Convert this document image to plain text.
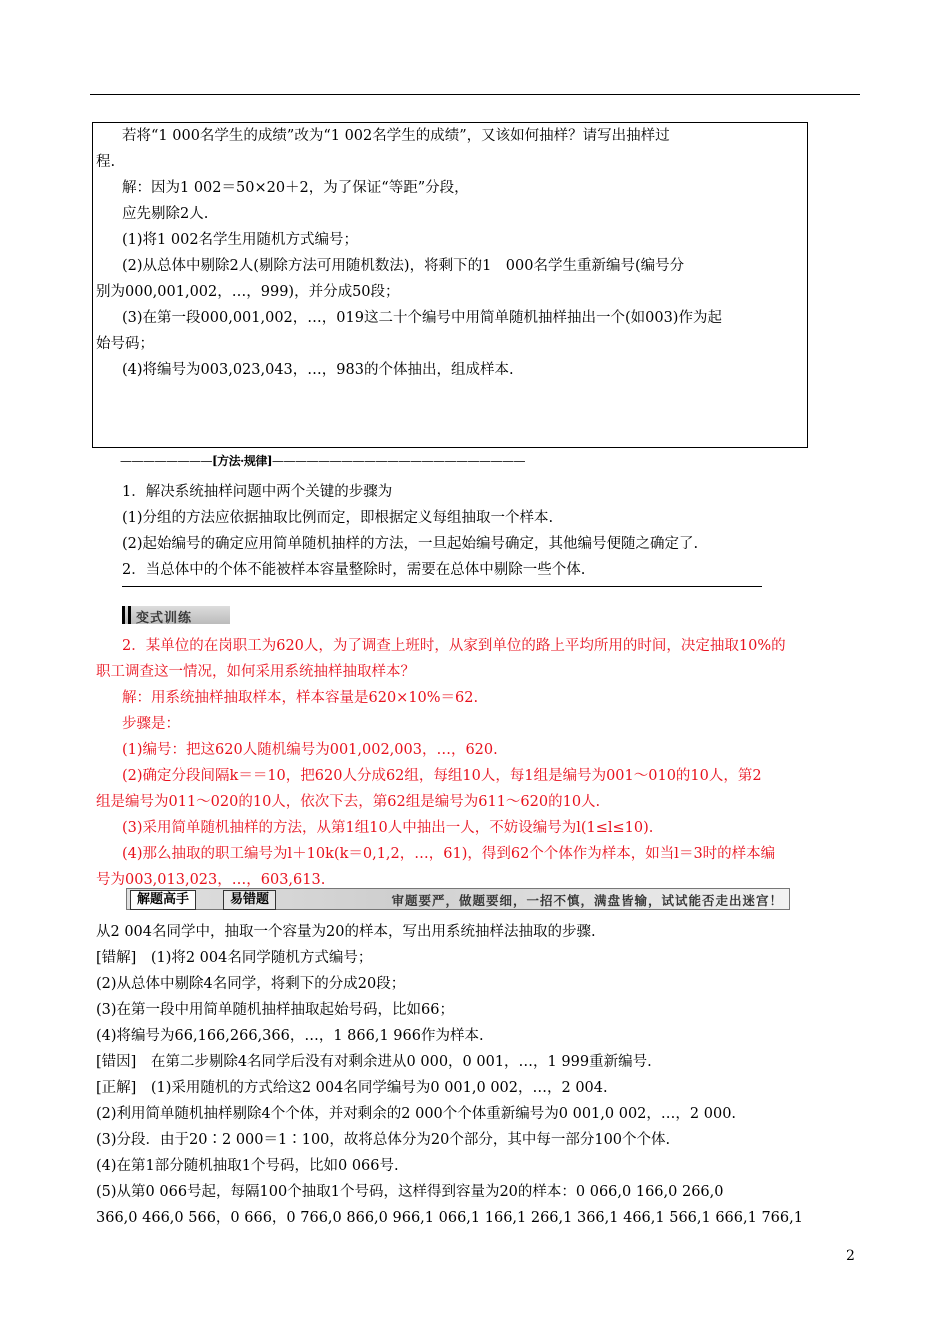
若将“1 000名学生的成绩”改为“1 002名学生的成绩”，又该如何抽样？请写出抽样过
程.
解：因为1 002＝50×20＋2，为了保证“等距”分段，
应先剔除2人.
(1)将1 002名学生用随机方式编号；
(2)从总体中剔除2人(剔除方法可用随机数法)，将剩下的1　000名学生重新编号(编号分
别为000,001,002，…，999)，并分成50段；
(3)在第一段000,001,002，…，019这二十个编号中用简单随机抽样抽出一个(如003)作为起
始号码；
(4)将编号为003,023,043，…，983的个体抽出，组成样本.
————————[方法·规律]——————————————————————
1．解决系统抽样问题中两个关键的步骤为
(1)分组的方法应依据抽取比例而定，即根据定义每组抽取一个样本.
(2)起始编号的确定应用简单随机抽样的方法，一旦起始编号确定，其他编号便随之确定了.
2．当总体中的个体不能被样本容量整除时，需要在总体中剔除一些个体.
变式训练
2．某单位的在岗职工为620人，为了调查上班时，从家到单位的路上平均所用的时间，决定抽取10%的
职工调查这一情况，如何采用系统抽样抽取样本？
解：用系统抽样抽取样本，样本容量是620×10%＝62.
步骤是：
(1)编号：把这620人随机编号为001,002,003，…，620.
(2)确定分段间隔k＝＝10，把620人分成62组，每组10人，每1组是编号为001～010的10人，第2
组是编号为011～020的10人，依次下去，第62组是编号为611～620的10人.
(3)采用简单随机抽样的方法，从第1组10人中抽出一人，不妨设编号为l(1≤l≤10).
(4)那么抽取的职工编号为l＋10k(k＝0,1,2，…，61)，得到62个个体作为样本，如当l＝3时的样本编
号为003,013,023，…，603,613.
解题高手	易错题	审题要严，做题要细，一招不慎，满盘皆输，试试能否走出迷宫！
从2 004名同学中，抽取一个容量为20的样本，写出用系统抽样法抽取的步骤.
[错解]　(1)将2 004名同学随机方式编号；
(2)从总体中剔除4名同学，将剩下的分成20段；
(3)在第一段中用简单随机抽样抽取起始号码，比如66；
(4)将编号为66,166,266,366，…，1 866,1 966作为样本.
[错因]　在第二步剔除4名同学后没有对剩余进从0 000，0 001，…，1 999重新编号.
[正解]　(1)采用随机的方式给这2 004名同学编号为0 001,0 002，…，2 004.
(2)利用简单随机抽样剔除4个个体，并对剩余的2 000个个体重新编号为0 001,0 002，…，2 000.
(3)分段．由于20∶2 000＝1∶100，故将总体分为20个部分，其中每一部分100个个体.
(4)在第1部分随机抽取1个号码，比如0 066号.
(5)从第0 066号起，每隔100个抽取1个号码，这样得到容量为20的样本：0 066,0 166,0 266,0
366,0 466,0 566，0 666，0 766,0 866,0 966,1 066,1 166,1 266,1 366,1 466,1 566,1 666,1 766,1
2
